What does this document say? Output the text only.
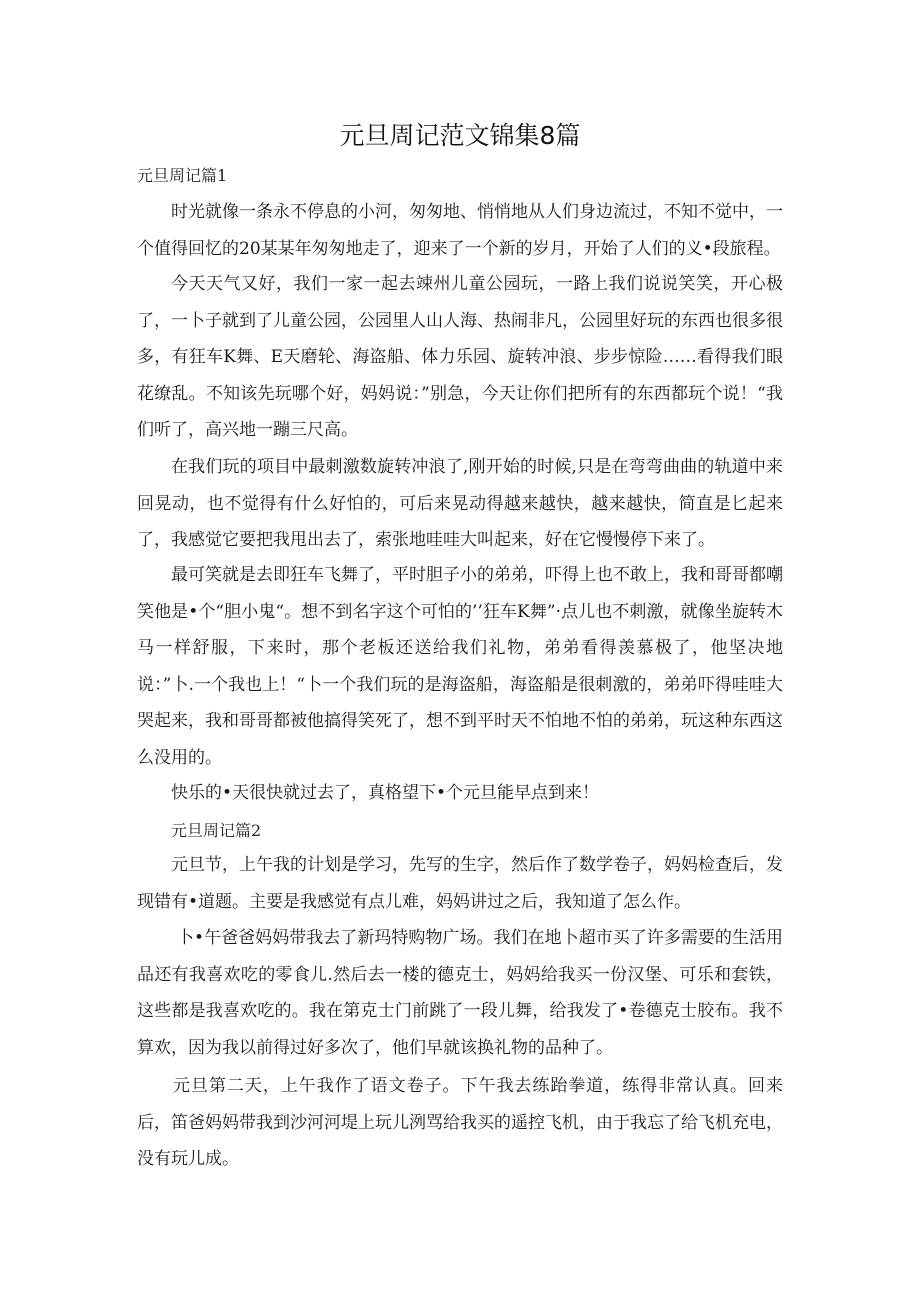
元旦周记范文锦集8篇
元旦周记篇1
时光就像一条永不停息的小河，匆匆地、悄悄地从人们身边流过，不知不觉中，一个值得回忆的20某某年匆匆地走了，迎来了一个新的岁月，开始了人们的义•段旅程。
今天天气又好，我们一家一起去竦州儿童公园玩，一路上我们说说笑笑，开心极了，一卜子就到了儿童公园，公园里人山人海、热闹非凡，公园里好玩的东西也很多很多，有狂车K舞、E天磨轮、海盗船、体力乐园、旋转冲浪、步步惊险……看得我们眼花缭乱。不知该先玩哪个好，妈妈说：”别急，今天让你们把所有的东西都玩个说！“我们听了，高兴地一蹦三尺高。
在我们玩的项目中最刺激数旋转冲浪了,刚开始的时候,只是在弯弯曲曲的轨道中来回晃动，也不觉得有什么好怕的，可后来晃动得越来越快，越来越快，简直是匕起来了，我感觉它要把我甩出去了，索张地哇哇大叫起来，好在它慢慢停下来了。
最可笑就是去即狂车飞舞了，平时胆子小的弟弟，吓得上也不敢上，我和哥哥都嘲笑他是•个“胆小鬼“。想不到名字这个可怕的’’狂车K舞”·点儿也不刺激，就像坐旋转木马一样舒服，下来时，那个老板还送给我们礼物，弟弟看得羡慕极了，他坚决地说：”卜.一个我也上！“卜一个我们玩的是海盗船，海盗船是很刺激的，弟弟吓得哇哇大哭起来，我和哥哥都被他搞得笑死了，想不到平时天不怕地不怕的弟弟，玩这种东西这么没用的。
快乐的•天很快就过去了，真格望下•个元旦能早点到来！
元旦周记篇2
元旦节，上午我的计划是学习，先写的生字，然后作了数学卷子，妈妈检查后，发现错有•道题。主要是我感觉有点儿难，妈妈讲过之后，我知道了怎么作。
卜•午爸爸妈妈带我去了新玛特购物广场。我们在地卜超市买了许多需要的生活用品还有我喜欢吃的零食儿.然后去一楼的德克士，妈妈给我买一份汉堡、可乐和套铁，这些都是我喜欢吃的。我在第克士门前跳了一段儿舞，给我发了•卷德克士胶布。我不算欢，因为我以前得过好多次了，他们早就该换礼物的品种了。
元旦第二天，上午我作了语文卷子。下午我去练跆拳道，练得非常认真。回来后，笛爸妈妈带我到沙河河堤上玩儿洌骂给我买的遥控飞机，由于我忘了给飞机充电，没有玩儿成。
